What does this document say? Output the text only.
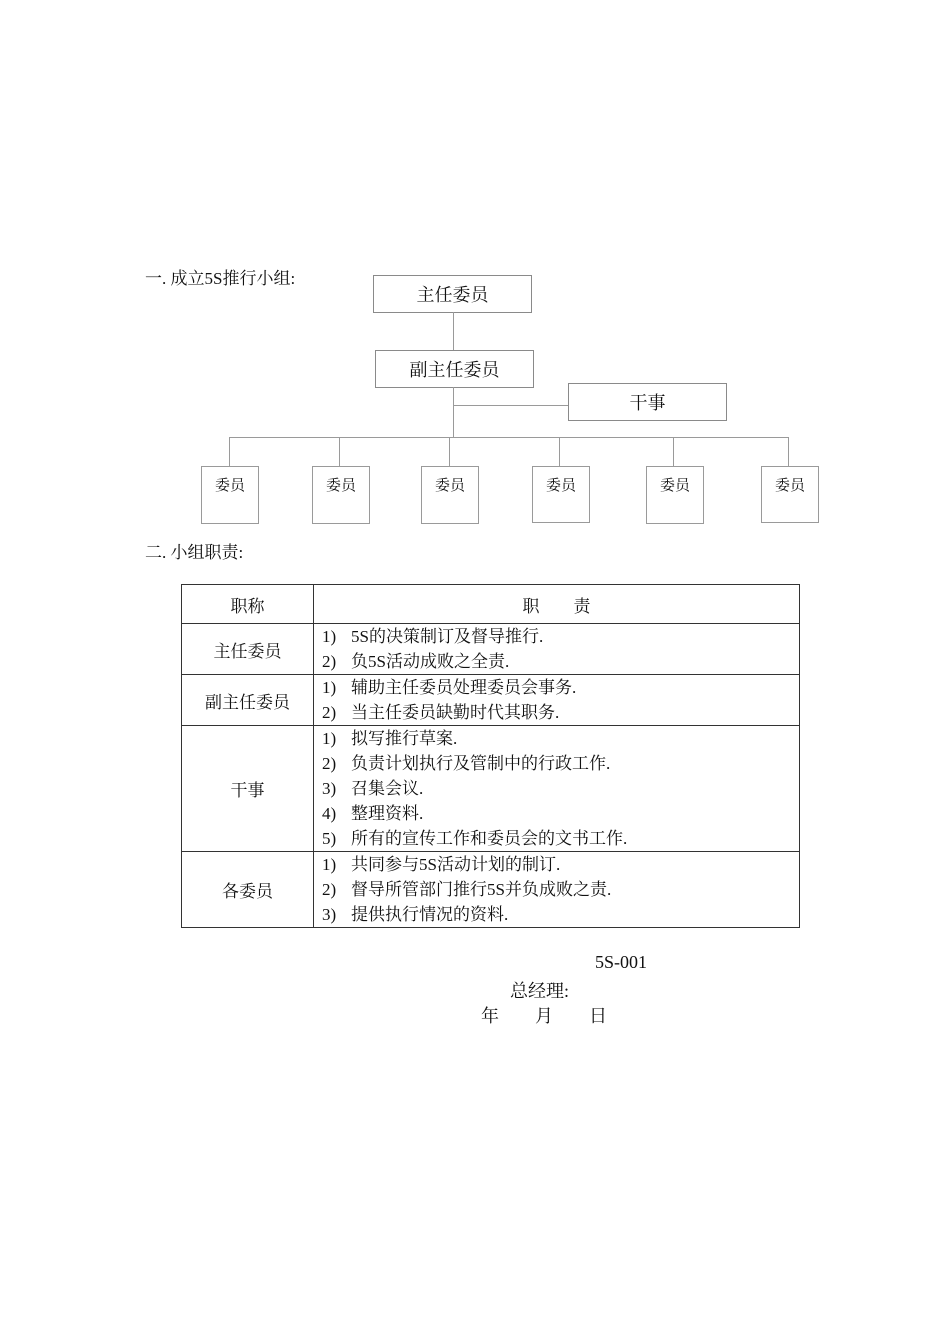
一. 成立5S推行小组:
主任委员
副主任委员
干事
委员	委员	委员	委员	委员	委员
二. 小组职责:
职称	职　　责
主任委员	1) 5S的决策制订及督导推行.
2) 负5S活动成败之全责.

副主任委员	1) 辅助主任委员处理委员会事务.
2) 当主任委员缺勤时代其职务.

干事	1) 拟写推行草案.
2) 负责计划执行及管制中的行政工作.
3) 召集会议.
4) 整理资料.
5) 所有的宣传工作和委员会的文书工作.

各委员	1) 共同参与5S活动计划的制订.
2) 督导所管部门推行5S并负成败之责.
3) 提供执行情况的资料.
5S-001
总经理:
年　　月　　日
